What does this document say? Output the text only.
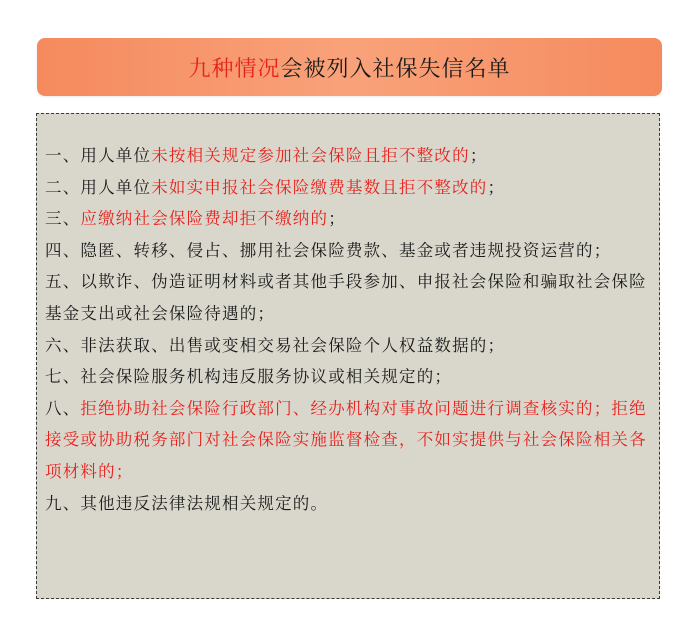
九种情况会被列入社保失信名单
一、用人单位未按相关规定参加社会保险且拒不整改的；
二、用人单位未如实申报社会保险缴费基数且拒不整改的；
三、应缴纳社会保险费却拒不缴纳的；
四、隐匿、转移、侵占、挪用社会保险费款、基金或者违规投资运营的；
五、以欺诈、伪造证明材料或者其他手段参加、申报社会保险和骗取社会保险基金支出或社会保险待遇的；
六、非法获取、出售或变相交易社会保险个人权益数据的；
七、社会保险服务机构违反服务协议或相关规定的；
八、拒绝协助社会保险行政部门、经办机构对事故问题进行调查核实的；拒绝接受或协助税务部门对社会保险实施监督检查，不如实提供与社会保险相关各项材料的；
九、其他违反法律法规相关规定的。
